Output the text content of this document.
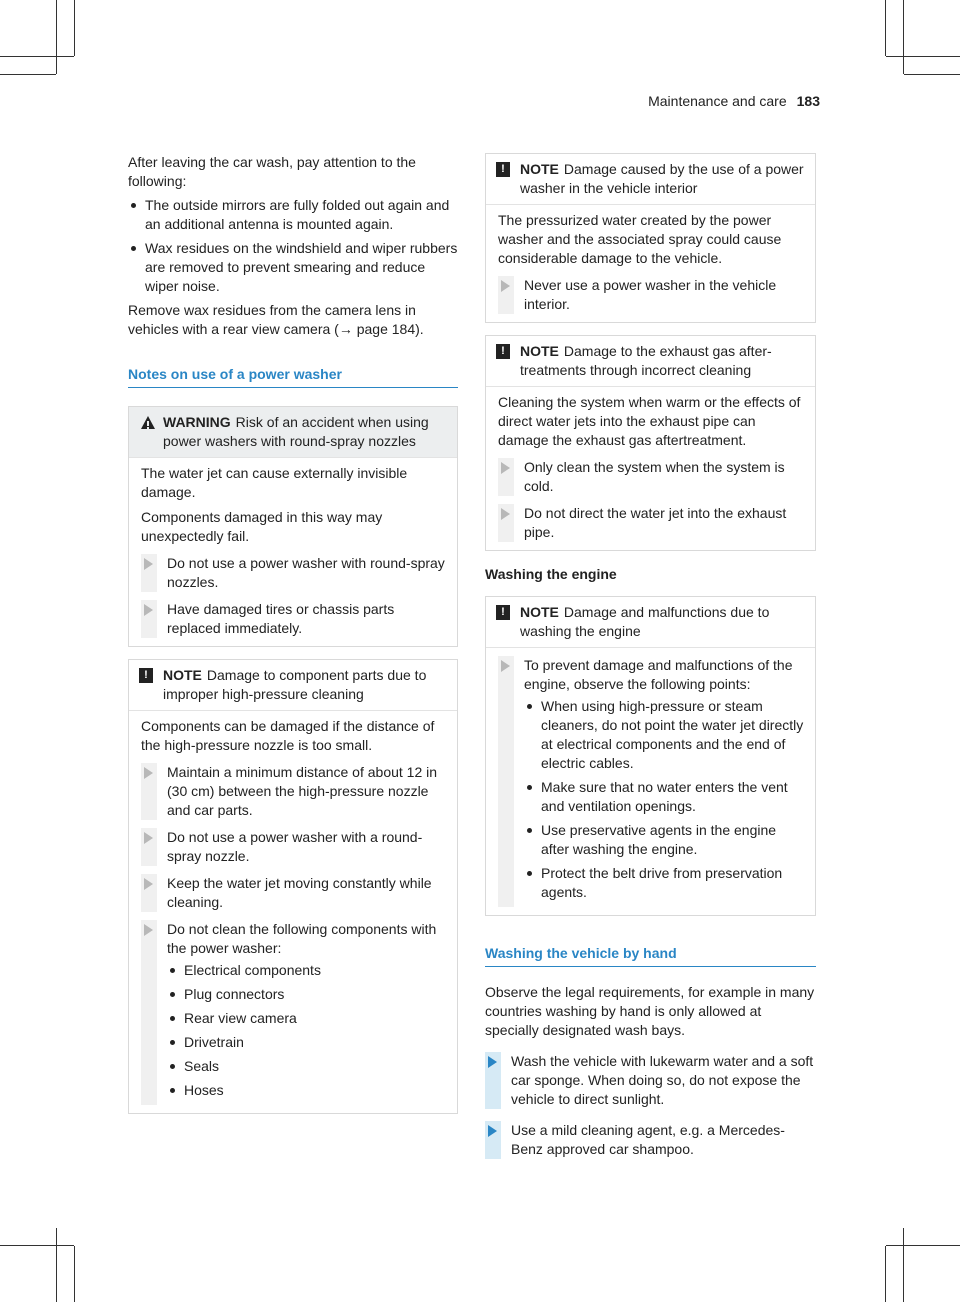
Maintenance and care 183

After leaving the car wash, pay attention to the following:

The outside mirrors are fully folded out again and an additional antenna is mounted again.
Wax residues on the windshield and wiper rubbers are removed to prevent smearing and reduce wiper noise.

Remove wax residues from the camera lens in vehicles with a rear view camera (→ page 184).

Notes on use of a power washer
WARNING Risk of an accident when using power washers with round-spray nozzles

The water jet can cause externally invisible damage.

Components damaged in this way may unexpectedly fail.

Do not use a power washer with round-spray nozzles.
Have damaged tires or chassis parts replaced immediately.
!	NOTE Damage to component parts due to improper high-pressure cleaning

Components can be damaged if the distance of the high-pressure nozzle is too small.

Maintain a minimum distance of about 12 in (30 cm) between the high-pressure nozzle and car parts.
Do not use a power washer with a round-spray nozzle.
Keep the water jet moving constantly while cleaning.
Do not clean the following components with the power washer:
Electrical components
Plug connectors
Rear view camera
Drivetrain
Seals
Hoses
!	NOTE Damage caused by the use of a power washer in the vehicle interior

The pressurized water created by the power washer and the associated spray could cause considerable damage to the vehicle.

Never use a power washer in the vehicle interior.
!	NOTE Damage to the exhaust gas after-treatments through incorrect cleaning

Cleaning the system when warm or the effects of direct water jets into the exhaust pipe can damage the exhaust gas aftertreatment.

Only clean the system when the system is cold.
Do not direct the water jet into the exhaust pipe.
Washing the engine
!	NOTE Damage and malfunctions due to washing the engine
To prevent damage and malfunctions of the engine, observe the following points:
When using high-pressure or steam cleaners, do not point the water jet directly at electrical components and the end of electric cables.
Make sure that no water enters the vent and ventilation openings.
Use preservative agents in the engine after washing the engine.
Protect the belt drive from preservation agents.
Washing the vehicle by hand

Observe the legal requirements, for example in many countries washing by hand is only allowed at specially designated wash bays.

Wash the vehicle with lukewarm water and a soft car sponge. When doing so, do not expose the vehicle to direct sunlight.
Use a mild cleaning agent, e.g. a Mercedes-Benz approved car shampoo.
